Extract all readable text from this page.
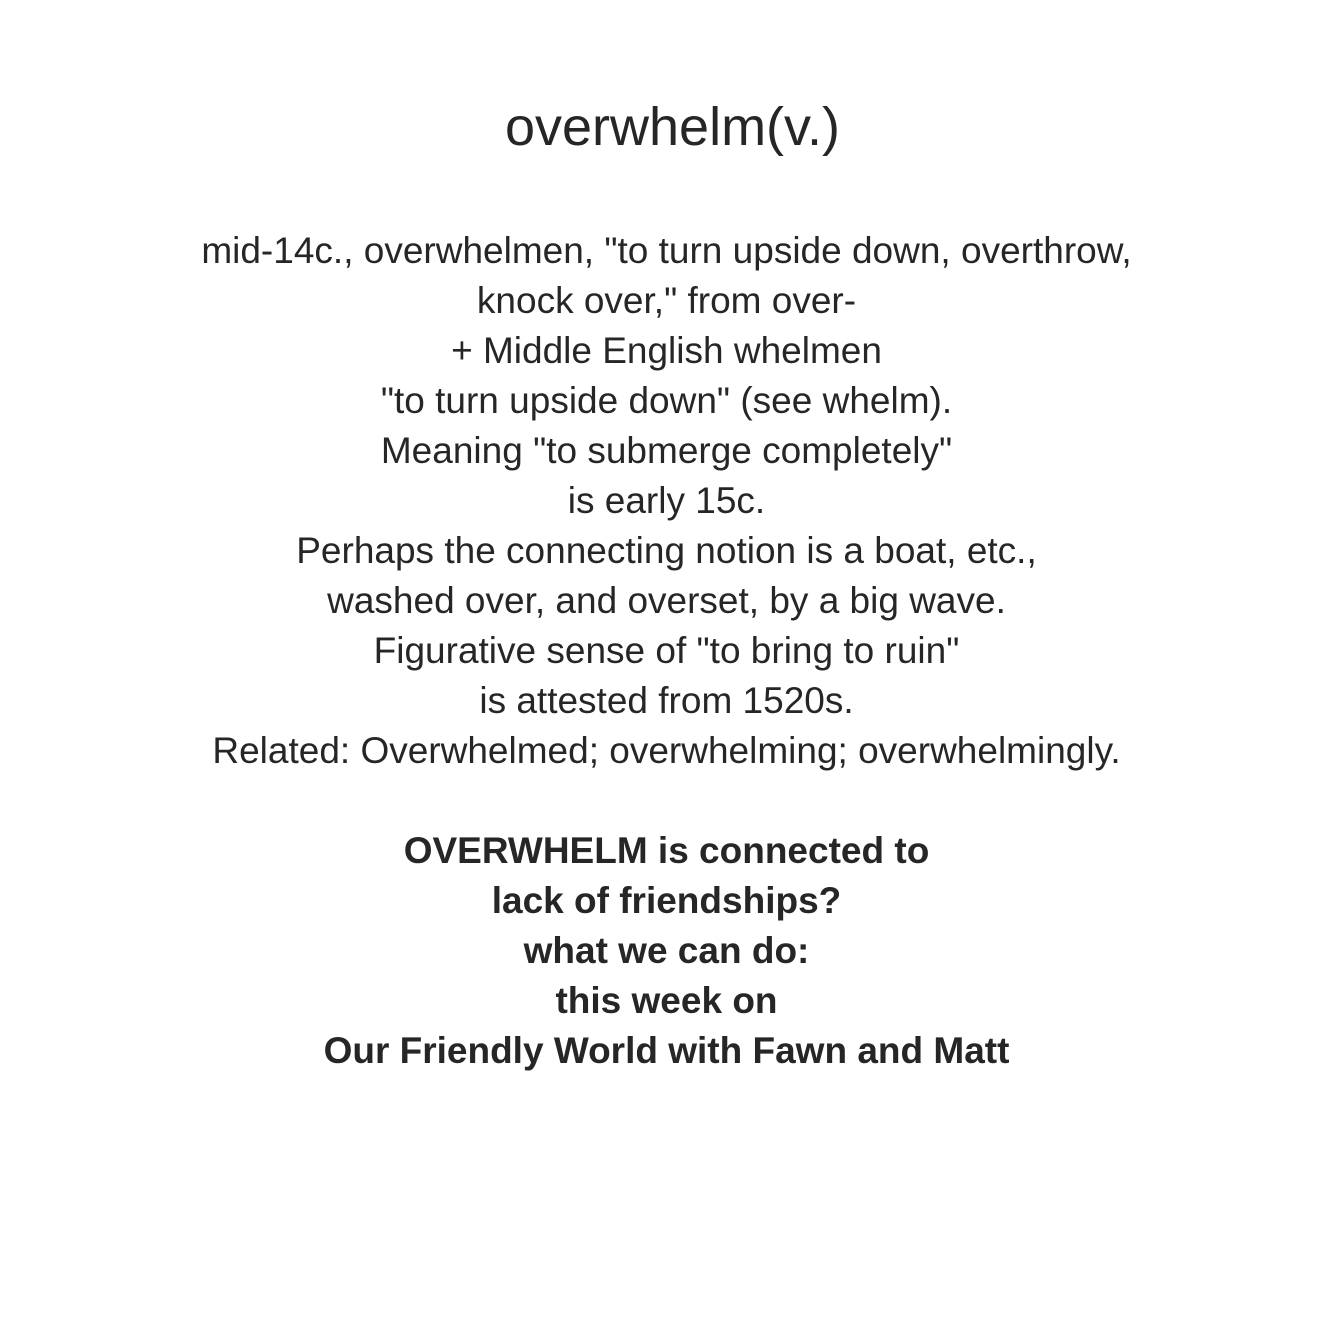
overwhelm(v.)

mid-14c., overwhelmen, "to turn upside down, overthrow,
knock over," from over-
+ Middle English whelmen
"to turn upside down" (see whelm).
Meaning "to submerge completely"
is early 15c.
Perhaps the connecting notion is a boat, etc.,
washed over, and overset, by a big wave.
Figurative sense of "to bring to ruin"
is attested from 1520s.
Related: Overwhelmed; overwhelming; overwhelmingly.

OVERWHELM is connected to
lack of friendships?
what we can do:
this week on
Our Friendly World with Fawn and Matt
